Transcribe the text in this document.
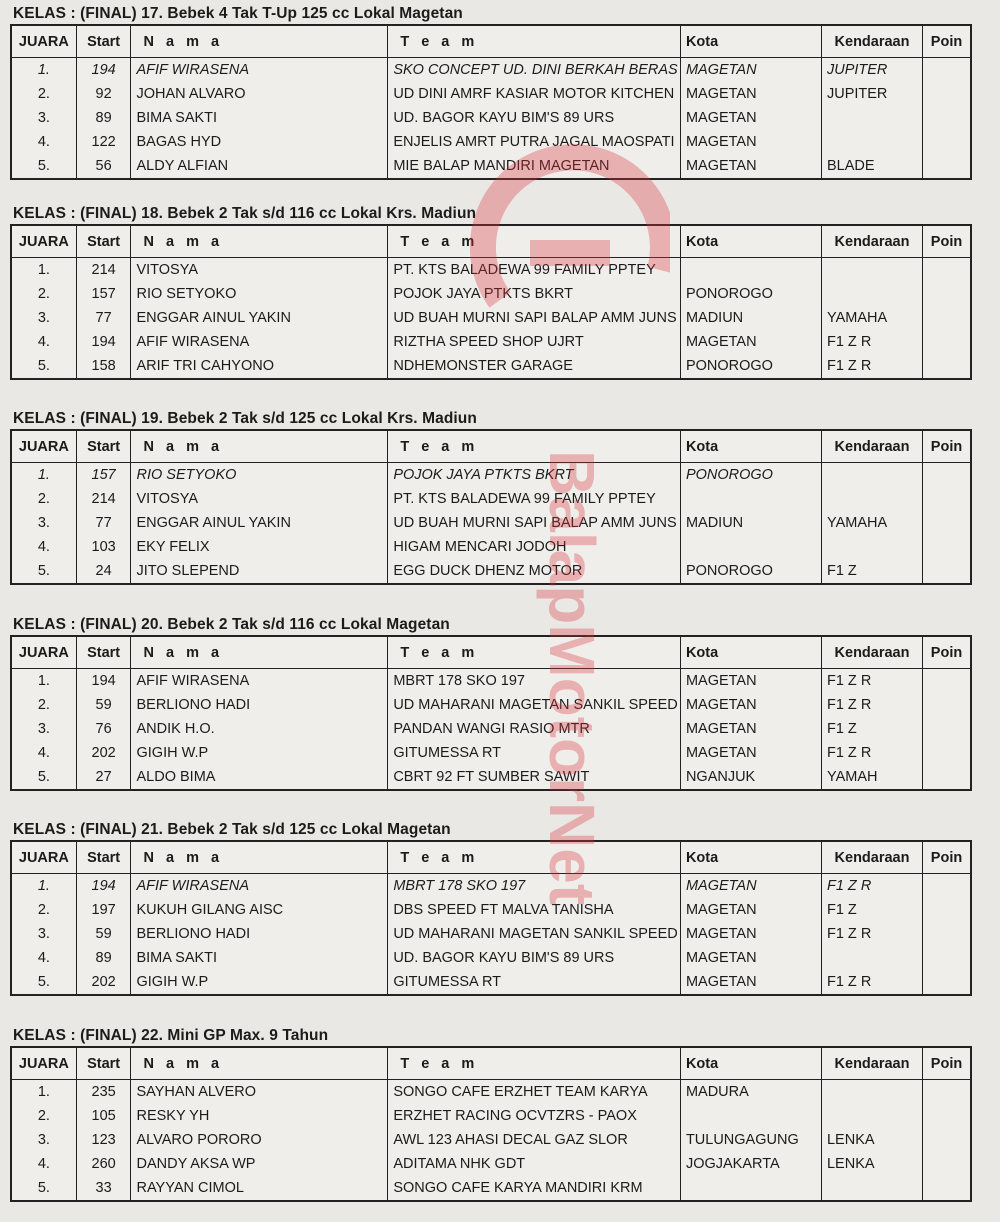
KELAS : (FINAL) 17. Bebek 4 Tak T-Up 125 cc Lokal Magetan
JUARA	Start	N a m a	T e a m	Kota	Kendaraan	Poin
1.	194	AFIF WIRASENA	SKO CONCEPT UD. DINI BERKAH BERAS	MAGETAN	JUPITER	
2.	92	JOHAN ALVARO	UD DINI AMRF KASIAR MOTOR KITCHEN	MAGETAN	JUPITER	
3.	89	BIMA SAKTI	UD. BAGOR KAYU BIM'S 89 URS	MAGETAN		
4.	122	BAGAS HYD	ENJELIS AMRT PUTRA JAGAL MAOSPATI	MAGETAN		
5.	56	ALDY ALFIAN	MIE BALAP MANDIRI MAGETAN	MAGETAN	BLADE	
KELAS : (FINAL) 18. Bebek 2 Tak s/d 116 cc Lokal Krs. Madiun
JUARA	Start	N a m a	T e a m	Kota	Kendaraan	Poin
1.	214	VITOSYA	PT. KTS BALADEWA 99 FAMILY PPTEY			
2.	157	RIO SETYOKO	POJOK JAYA PTKTS BKRT	PONOROGO		
3.	77	ENGGAR AINUL YAKIN	UD BUAH MURNI SAPI BALAP AMM JUNS	MADIUN	YAMAHA	
4.	194	AFIF WIRASENA	RIZTHA SPEED SHOP UJRT	MAGETAN	F1 Z R	
5.	158	ARIF TRI CAHYONO	NDHEMONSTER GARAGE	PONOROGO	F1 Z R	
KELAS : (FINAL) 19. Bebek 2 Tak s/d 125 cc Lokal Krs. Madiun
JUARA	Start	N a m a	T e a m	Kota	Kendaraan	Poin
1.	157	RIO SETYOKO	POJOK JAYA PTKTS BKRT	PONOROGO		
2.	214	VITOSYA	PT. KTS BALADEWA 99 FAMILY PPTEY			
3.	77	ENGGAR AINUL YAKIN	UD BUAH MURNI SAPI BALAP AMM JUNS	MADIUN	YAMAHA	
4.	103	EKY FELIX	HIGAM MENCARI JODOH			
5.	24	JITO SLEPEND	EGG DUCK DHENZ MOTOR	PONOROGO	F1 Z	
KELAS : (FINAL) 20. Bebek 2 Tak s/d 116 cc Lokal Magetan
JUARA	Start	N a m a	T e a m	Kota	Kendaraan	Poin
1.	194	AFIF WIRASENA	MBRT 178 SKO 197	MAGETAN	F1 Z R	
2.	59	BERLIONO HADI	UD MAHARANI MAGETAN SANKIL SPEED	MAGETAN	F1 Z R	
3.	76	ANDIK H.O.	PANDAN WANGI RASIO MTR	MAGETAN	F1 Z	
4.	202	GIGIH W.P	GITUMESSA RT	MAGETAN	F1 Z R	
5.	27	ALDO BIMA	CBRT 92 FT SUMBER SAWIT	NGANJUK	YAMAH	
KELAS : (FINAL) 21. Bebek 2 Tak s/d 125 cc Lokal Magetan
JUARA	Start	N a m a	T e a m	Kota	Kendaraan	Poin
1.	194	AFIF WIRASENA	MBRT 178 SKO 197	MAGETAN	F1 Z R	
2.	197	KUKUH GILANG AISC	DBS SPEED FT MALVA TANISHA	MAGETAN	F1 Z	
3.	59	BERLIONO HADI	UD MAHARANI MAGETAN SANKIL SPEED	MAGETAN	F1 Z R	
4.	89	BIMA SAKTI	UD. BAGOR KAYU BIM'S 89 URS	MAGETAN		
5.	202	GIGIH W.P	GITUMESSA RT	MAGETAN	F1 Z R	
KELAS : (FINAL) 22. Mini GP Max. 9 Tahun
JUARA	Start	N a m a	T e a m	Kota	Kendaraan	Poin
1.	235	SAYHAN ALVERO	SONGO CAFE ERZHET TEAM KARYA	MADURA		
2.	105	RESKY YH	ERZHET RACING OCVTZRS - PAOX			
3.	123	ALVARO PORORO	AWL 123 AHASI DECAL GAZ SLOR	TULUNGAGUNG	LENKA	
4.	260	DANDY AKSA WP	ADITAMA NHK GDT	JOGJAKARTA	LENKA	
5.	33	RAYYAN CIMOL	SONGO CAFE KARYA MANDIRI KRM			
BalapMotorNet
